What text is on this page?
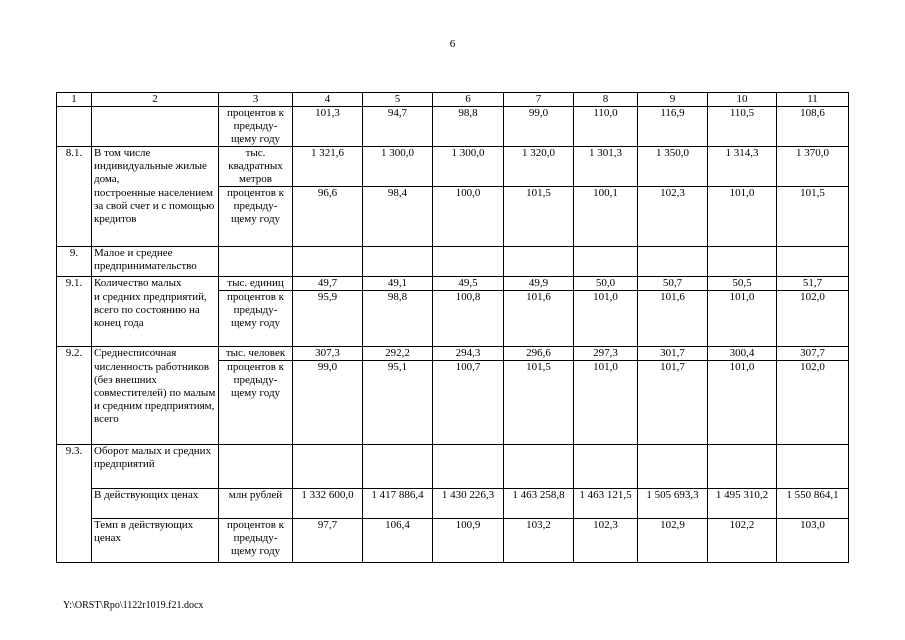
6
1	2	3	4	5	6	7	8	9	10	11
		процентов к предыду-щему году	101,3	94,7	98,8	99,0	110,0	116,9	110,5	108,6
8.1.	В том числе индивидуальные жилые дома,	тыс. квадратных метров	1 321,6	1 300,0	1 300,0	1 320,0	1 301,3	1 350,0	1 314,3	1 370,0
	построенные населением за свой счет и с помощью кредитов	процентов к предыду-щему году	96,6	98,4	100,0	101,5	100,1	102,3	101,0	101,5
9.	Малое и среднее предпринимательство									
9.1.	Количество малых	тыс. единиц	49,7	49,1	49,5	49,9	50,0	50,7	50,5	51,7
	и средних предприятий, всего по состоянию на конец года	процентов к предыду-щему году	95,9	98,8	100,8	101,6	101,0	101,6	101,0	102,0
9.2.	Среднесписочная	тыс. человек	307,3	292,2	294,3	296,6	297,3	301,7	300,4	307,7
	численность работников (без внешних совместителей) по малым и средним предприятиям, всего	процентов к предыду-щему году	99,0	95,1	100,7	101,5	101,0	101,7	101,0	102,0
9.3.	Оборот малых и средних предприятий									
	В действующих ценах	млн рублей	1 332 600,0	1 417 886,4	1 430 226,3	1 463 258,8	1 463 121,5	1 505 693,3	1 495 310,2	1 550 864,1
	Темп в действующих ценах	процентов к предыду-щему году	97,7	106,4	100,9	103,2	102,3	102,9	102,2	103,0
Y:\ORST\Rpo\1122r1019.f21.docx
